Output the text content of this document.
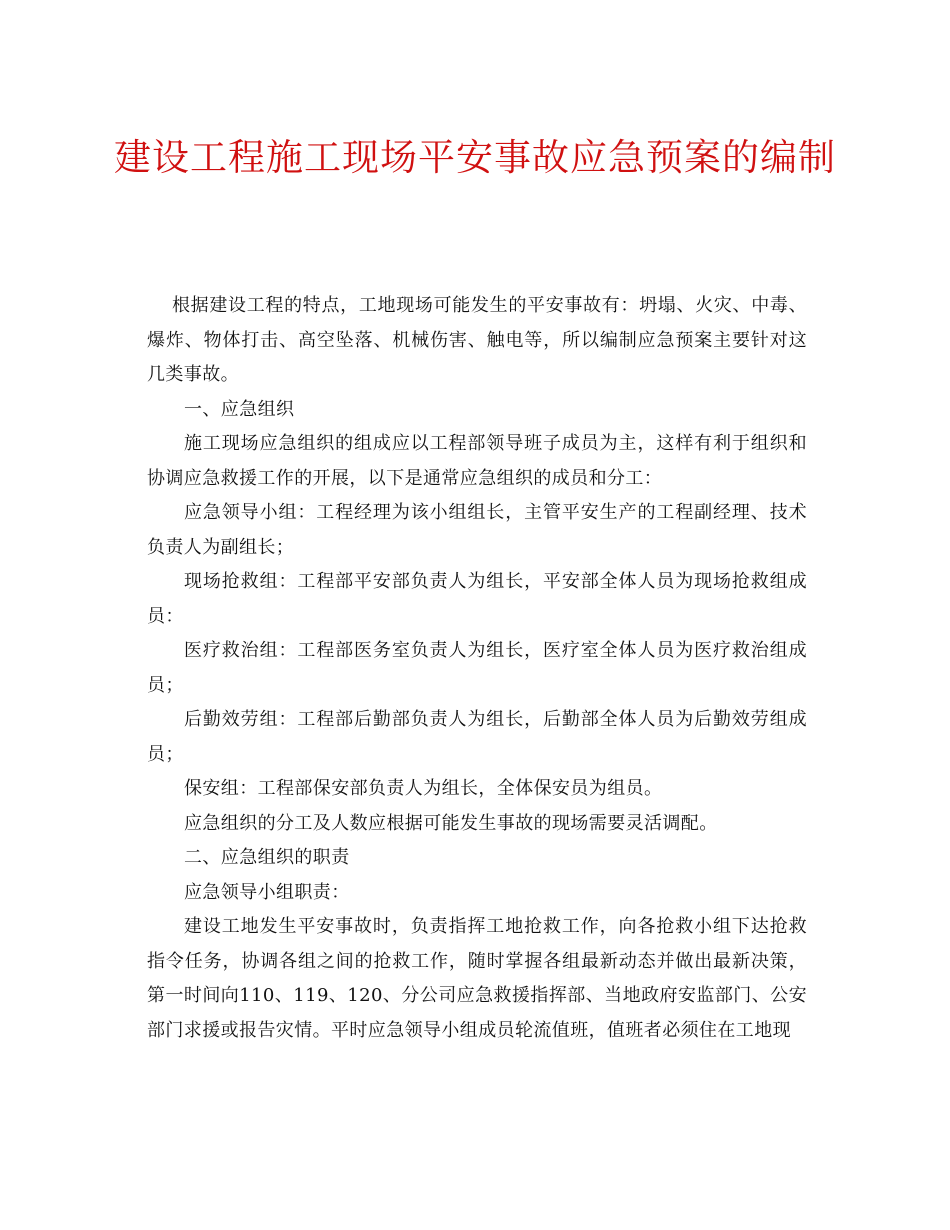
建设工程施工现场平安事故应急预案的编制

根据建设工程的特点，工地现场可能发生的平安事故有：坍塌、火灾、中毒、爆炸、物体打击、高空坠落、机械伤害、触电等，所以编制应急预案主要针对这几类事故。

一、应急组织

施工现场应急组织的组成应以工程部领导班子成员为主，这样有利于组织和协调应急救援工作的开展，以下是通常应急组织的成员和分工：

应急领导小组：工程经理为该小组组长，主管平安生产的工程副经理、技术负责人为副组长；

现场抢救组：工程部平安部负责人为组长，平安部全体人员为现场抢救组成员：

医疗救治组：工程部医务室负责人为组长，医疗室全体人员为医疗救治组成员；

后勤效劳组：工程部后勤部负责人为组长，后勤部全体人员为后勤效劳组成员；

保安组：工程部保安部负责人为组长，全体保安员为组员。

应急组织的分工及人数应根据可能发生事故的现场需要灵活调配。

二、应急组织的职责

应急领导小组职责：

建设工地发生平安事故时，负责指挥工地抢救工作，向各抢救小组下达抢救指令任务，协调各组之间的抢救工作，随时掌握各组最新动态并做出最新决策，第一时间向110、119、120、分公司应急救援指挥部、当地政府安监部门、公安部门求援或报告灾情。平时应急领导小组成员轮流值班，值班者必须住在工地现
